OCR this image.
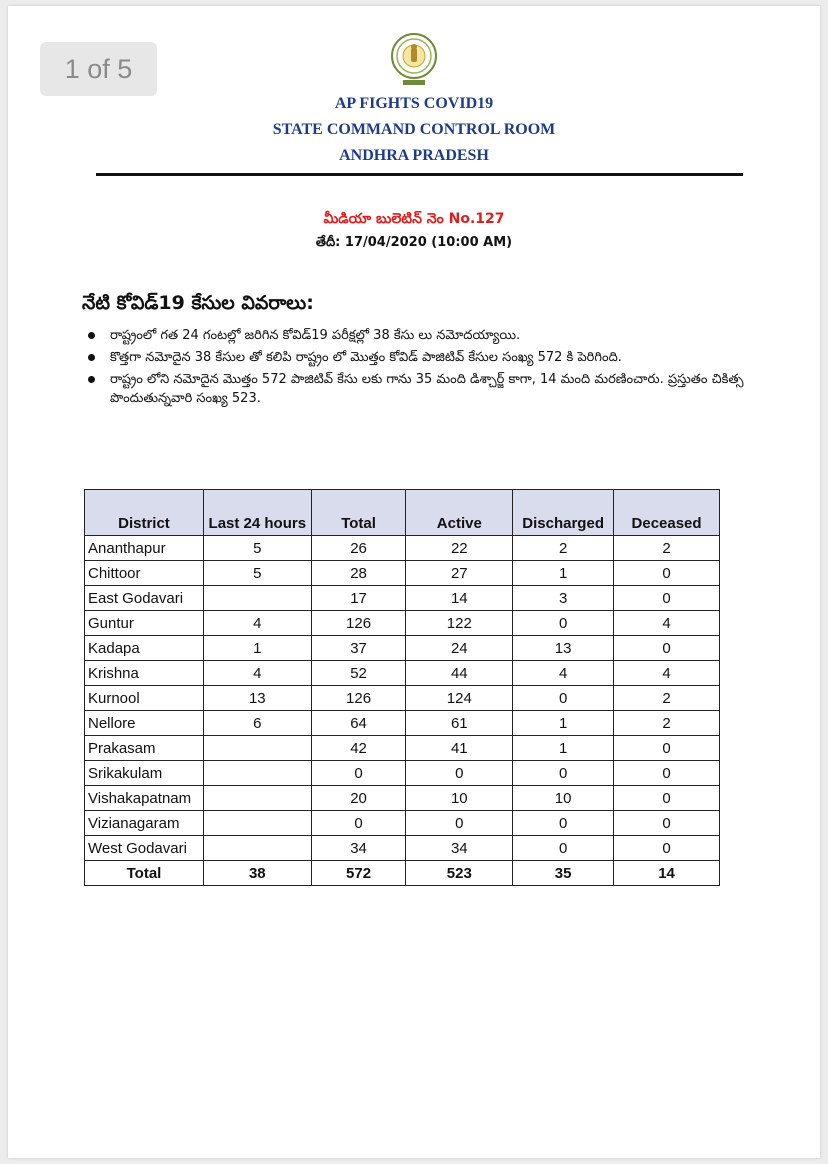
1 of 5
AP FIGHTS COVID19
STATE COMMAND CONTROL ROOM
ANDHRA PRADESH
మీడియా బులెటిన్ నెం No.127
తేదీ: 17/04/2020 (10:00 AM)
నేటి కోవిడ్19 కేసుల వివరాలు:
రాష్ట్రంలో గత 24 గంటల్లో జరిగిన కోవిడ్19 పరీక్షల్లో 38 కేసు లు నమోదయ్యాయి.
కొత్తగా నమోదైన 38 కేసుల తో కలిపి రాష్ట్రం లో మొత్తం కోవిడ్ పాజిటివ్ కేసుల సంఖ్య 572 కి పెరిగింది.
రాష్ట్రం లోని నమోదైన మొత్తం 572 పాజిటివ్ కేసు లకు గాను 35 మంది డిశ్చార్జ్ కాగా, 14 మంది మరణించారు. ప్రస్తుతం చికిత్స పొందుతున్నవారి సంఖ్య 523.
District	Last 24 hours	Total	Active	Discharged	Deceased
Ananthapur	5	26	22	2	2
Chittoor	5	28	27	1	0
East Godavari		17	14	3	0
Guntur	4	126	122	0	4
Kadapa	1	37	24	13	0
Krishna	4	52	44	4	4
Kurnool	13	126	124	0	2
Nellore	6	64	61	1	2
Prakasam		42	41	1	0
Srikakulam		0	0	0	0
Vishakapatnam		20	10	10	0
Vizianagaram		0	0	0	0
West Godavari		34	34	0	0
Total	38	572	523	35	14
